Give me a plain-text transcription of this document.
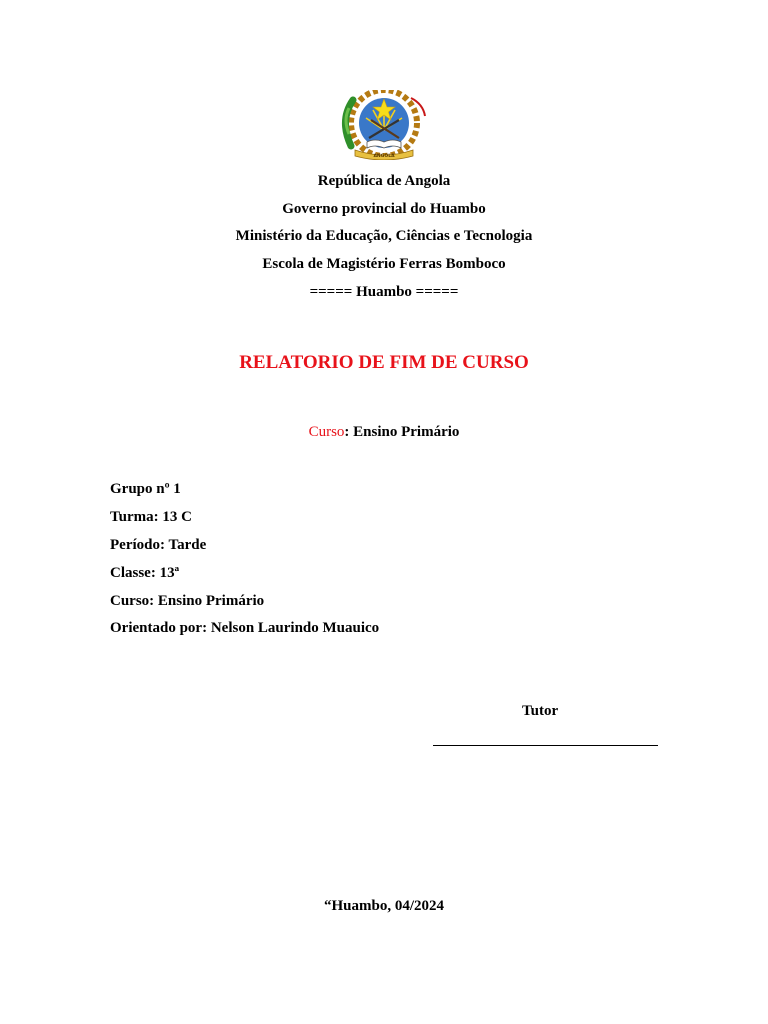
ANGOLA
República de Angola
Governo provincial do Huambo
Ministério da Educação, Ciências e Tecnologia
Escola de Magistério Ferras Bomboco
===== Huambo =====
RELATORIO DE FIM DE CURSO
Curso: Ensino Primário
Grupo nº 1
Turma: 13 C
Período: Tarde
Classe: 13ª
Curso: Ensino Primário
Orientado por: Nelson Laurindo Muauico
Tutor
“Huambo, 04/2024
